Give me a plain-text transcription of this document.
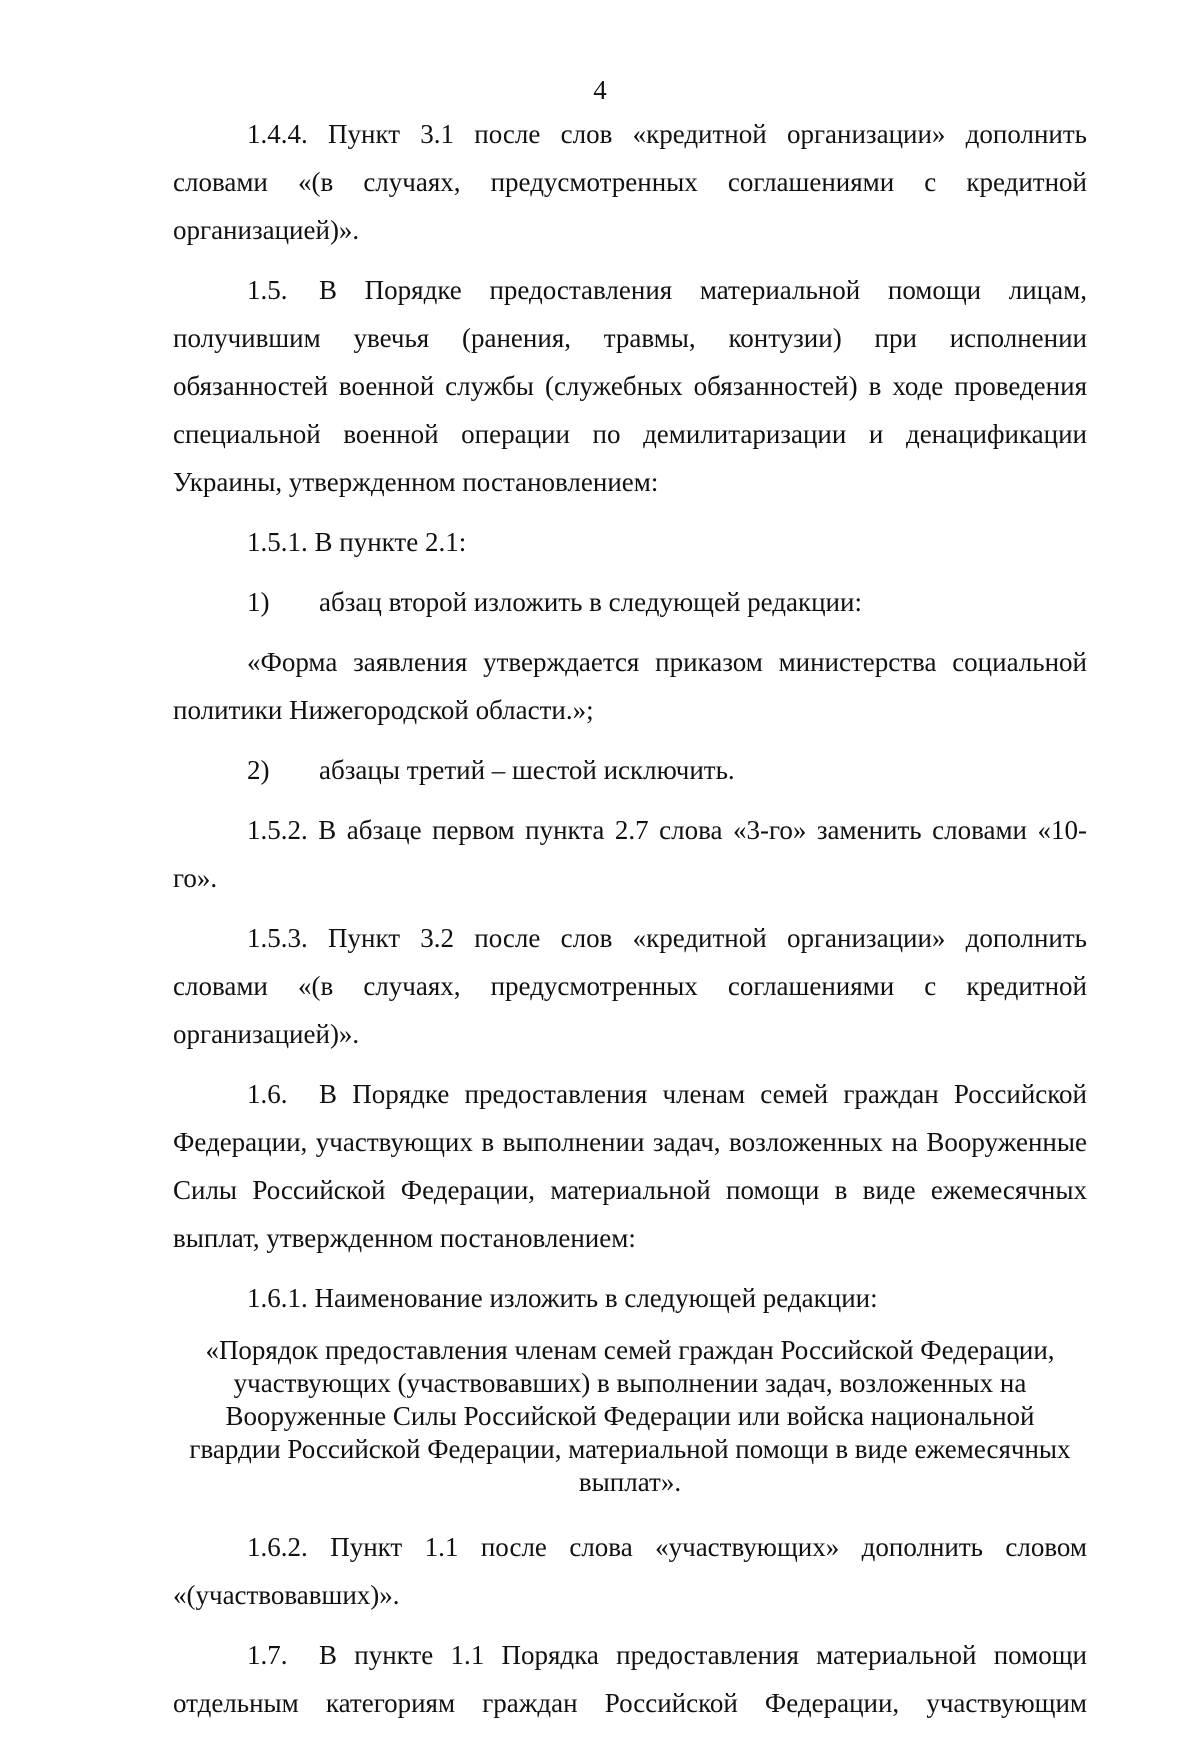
4

1.4.4. Пункт 3.1 после слов «кредитной организации» дополнить словами «(в случаях, предусмотренных соглашениями с кредитной организацией)».

1.5. В Порядке предоставления материальной помощи лицам, получившим увечья (ранения, травмы, контузии) при исполнении обязанностей военной службы (служебных обязанностей) в ходе проведения специальной военной операции по демилитаризации и денацификации Украины, утвержденном постановлением:

1.5.1. В пункте 2.1:

1) абзац второй изложить в следующей редакции:

«Форма заявления утверждается приказом министерства социальной политики Нижегородской области.»;

2) абзацы третий – шестой исключить.

1.5.2. В абзаце первом пункта 2.7 слова «3-го» заменить словами «10-го».

1.5.3. Пункт 3.2 после слов «кредитной организации» дополнить словами «(в случаях, предусмотренных соглашениями с кредитной организацией)».

1.6. В Порядке предоставления членам семей граждан Российской Федерации, участвующих в выполнении задач, возложенных на Вооруженные Силы Российской Федерации, материальной помощи в виде ежемесячных выплат, утвержденном постановлением:

1.6.1. Наименование изложить в следующей редакции:

«Порядок предоставления членам семей граждан Российской Федерации, участвующих (участвовавших) в выполнении задач, возложенных на Вооруженные Силы Российской Федерации или войска национальной гвардии Российской Федерации, материальной помощи в виде ежемесячных выплат».

1.6.2. Пункт 1.1 после слова «участвующих» дополнить словом «(участвовавших)».

1.7. В пункте 1.1 Порядка предоставления материальной помощи отдельным категориям граждан Российской Федерации, участвующим
